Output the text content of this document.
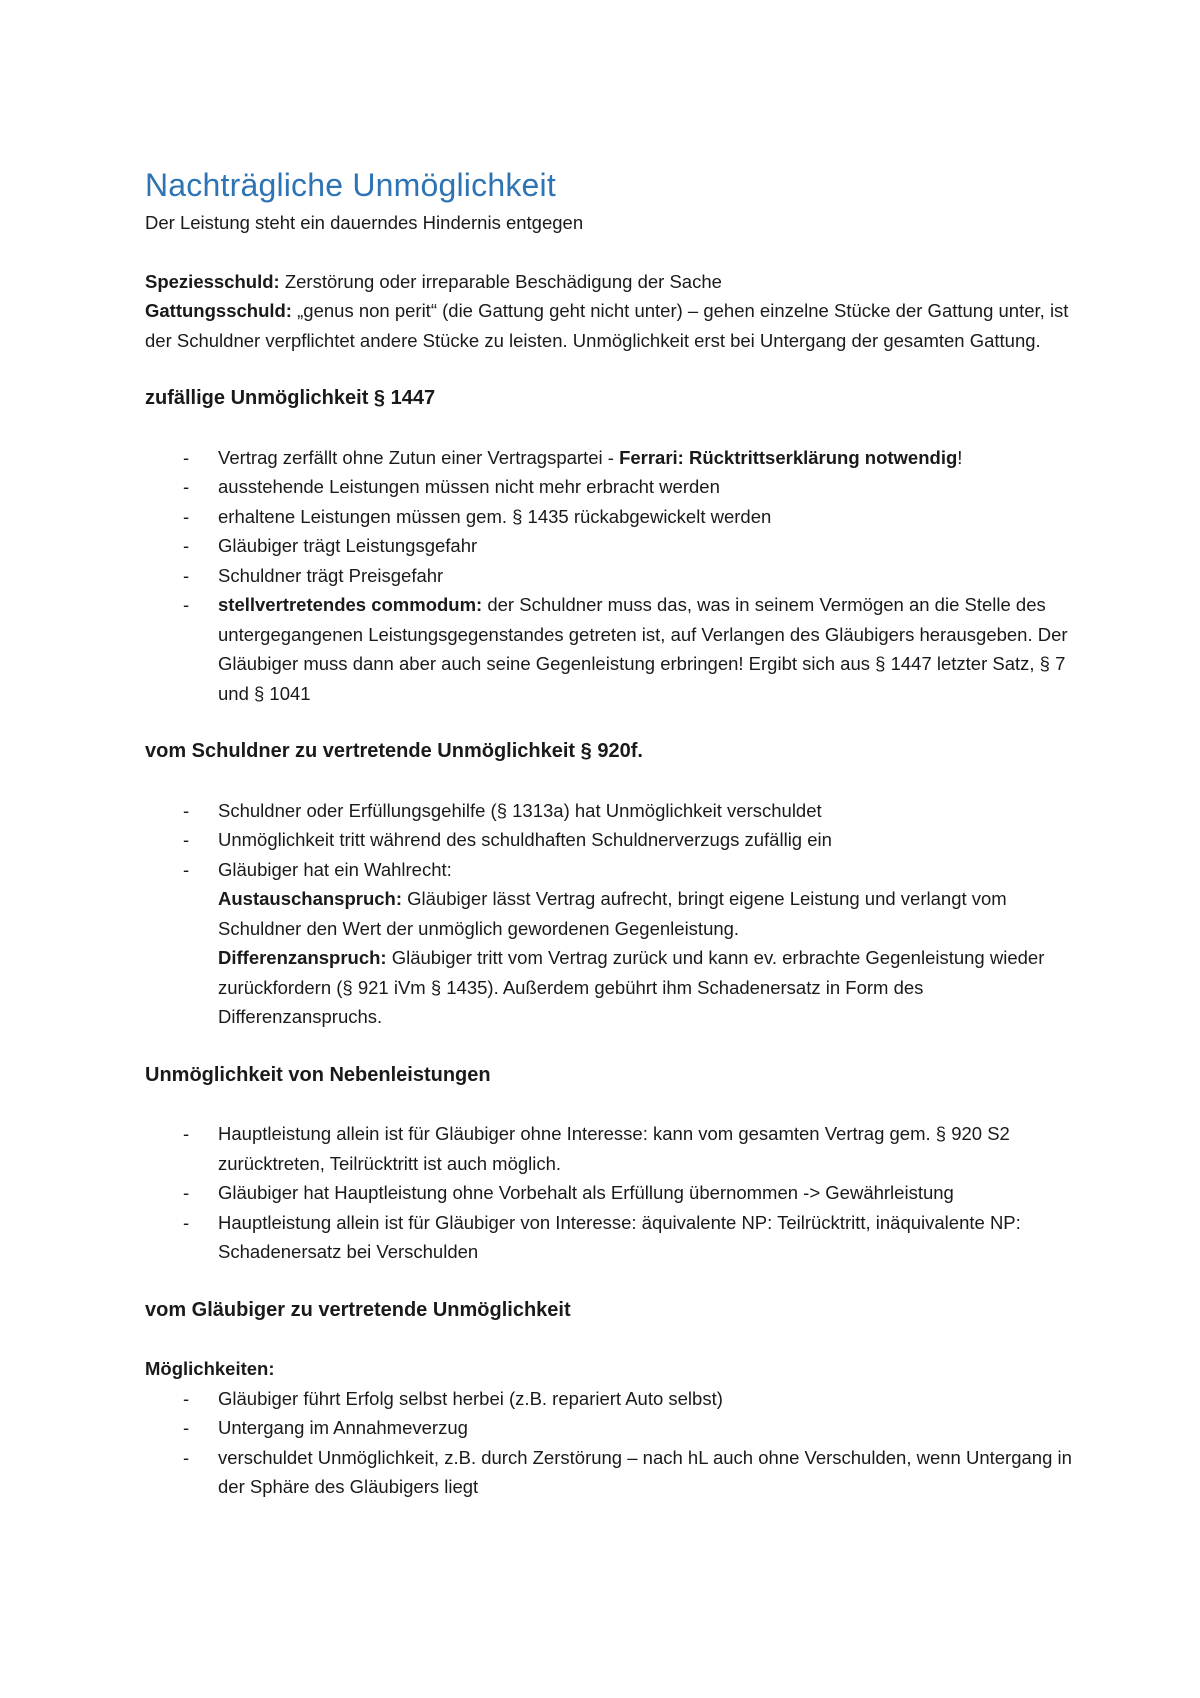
Nachträgliche Unmöglichkeit

Der Leistung steht ein dauerndes Hindernis entgegen

Speziesschuld: Zerstörung oder irreparable Beschädigung der Sache

Gattungsschuld: „genus non perit“ (die Gattung geht nicht unter) – gehen einzelne Stücke der Gattung unter, ist der Schuldner verpflichtet andere Stücke zu leisten. Unmöglichkeit erst bei Untergang der gesamten Gattung.

zufällige Unmöglichkeit § 1447
- Vertrag zerfällt ohne Zutun einer Vertragspartei - Ferrari: Rücktrittserklärung notwendig!
- ausstehende Leistungen müssen nicht mehr erbracht werden
- erhaltene Leistungen müssen gem. § 1435 rückabgewickelt werden
- Gläubiger trägt Leistungsgefahr
- Schuldner trägt Preisgefahr
- stellvertretendes commodum: der Schuldner muss das, was in seinem Vermögen an die Stelle des untergegangenen Leistungsgegenstandes getreten ist, auf Verlangen des Gläubigers herausgeben. Der Gläubiger muss dann aber auch seine Gegenleistung erbringen! Ergibt sich aus § 1447 letzter Satz, § 7 und § 1041
vom Schuldner zu vertretende Unmöglichkeit § 920f.
- Schuldner oder Erfüllungsgehilfe (§ 1313a) hat Unmöglichkeit verschuldet
- Unmöglichkeit tritt während des schuldhaften Schuldnerverzugs zufällig ein
- Gläubiger hat ein Wahlrecht:
Austauschanspruch: Gläubiger lässt Vertrag aufrecht, bringt eigene Leistung und verlangt vom Schuldner den Wert der unmöglich gewordenen Gegenleistung.
Differenzanspruch: Gläubiger tritt vom Vertrag zurück und kann ev. erbrachte Gegenleistung wieder zurückfordern (§ 921 iVm § 1435). Außerdem gebührt ihm Schadenersatz in Form des Differenzanspruchs.
Unmöglichkeit von Nebenleistungen
- Hauptleistung allein ist für Gläubiger ohne Interesse: kann vom gesamten Vertrag gem. § 920 S2 zurücktreten, Teilrücktritt ist auch möglich.
- Gläubiger hat Hauptleistung ohne Vorbehalt als Erfüllung übernommen -> Gewährleistung
- Hauptleistung allein ist für Gläubiger von Interesse: äquivalente NP: Teilrücktritt, inäquivalente NP: Schadenersatz bei Verschulden
vom Gläubiger zu vertretende Unmöglichkeit

Möglichkeiten:

- Gläubiger führt Erfolg selbst herbei (z.B. repariert Auto selbst)
- Untergang im Annahmeverzug
- verschuldet Unmöglichkeit, z.B. durch Zerstörung – nach hL auch ohne Verschulden, wenn Untergang in der Sphäre des Gläubigers liegt
